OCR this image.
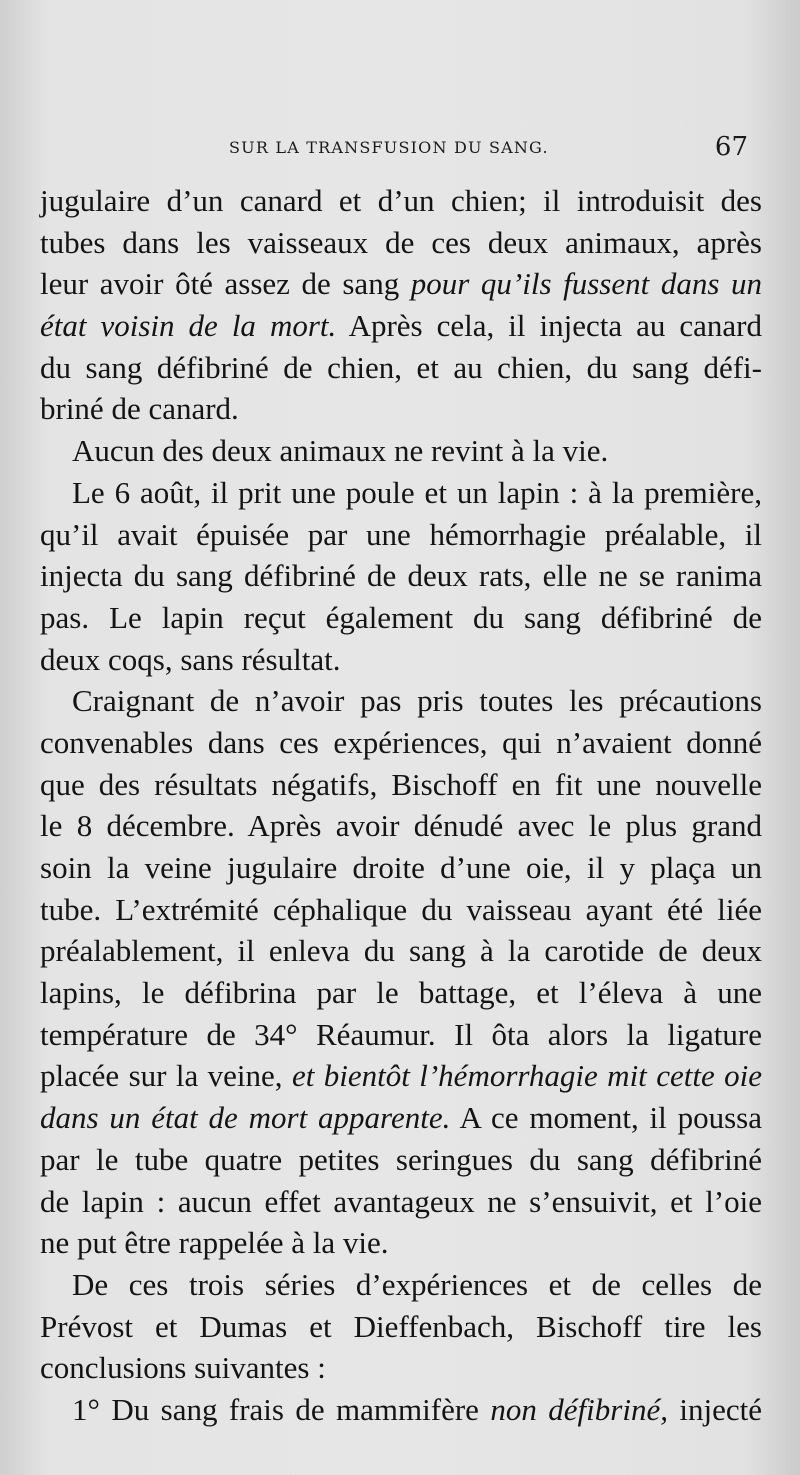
SUR LA TRANSFUSION DU SANG.	67
jugulaire d’un canard et d’un chien; il introduisit des
tubes dans les vaisseaux de ces deux animaux, après
leur avoir ôté assez de sang pour qu’ils fussent dans un
état voisin de la mort. Après cela, il injecta au canard
du sang défibriné de chien, et au chien, du sang défi-
briné de canard.
Aucun des deux animaux ne revint à la vie.
Le 6 août, il prit une poule et un lapin : à la première,
qu’il avait épuisée par une hémorrhagie préalable, il
injecta du sang défibriné de deux rats, elle ne se ranima
pas. Le lapin reçut également du sang défibriné de
deux coqs, sans résultat.
Craignant de n’avoir pas pris toutes les précautions
convenables dans ces expériences, qui n’avaient donné
que des résultats négatifs, Bischoff en fit une nouvelle
le 8 décembre. Après avoir dénudé avec le plus grand
soin la veine jugulaire droite d’une oie, il y plaça un
tube. L’extrémité céphalique du vaisseau ayant été liée
préalablement, il enleva du sang à la carotide de deux
lapins, le défibrina par le battage, et l’éleva à une
température de 34° Réaumur. Il ôta alors la ligature
placée sur la veine, et bientôt l’hémorrhagie mit cette oie
dans un état de mort apparente. A ce moment, il poussa
par le tube quatre petites seringues du sang défibriné
de lapin : aucun effet avantageux ne s’ensuivit, et l’oie
ne put être rappelée à la vie.
De ces trois séries d’expériences et de celles de
Prévost et Dumas et Dieffenbach, Bischoff tire les
conclusions suivantes :
1° Du sang frais de mammifère non défibriné, injecté
